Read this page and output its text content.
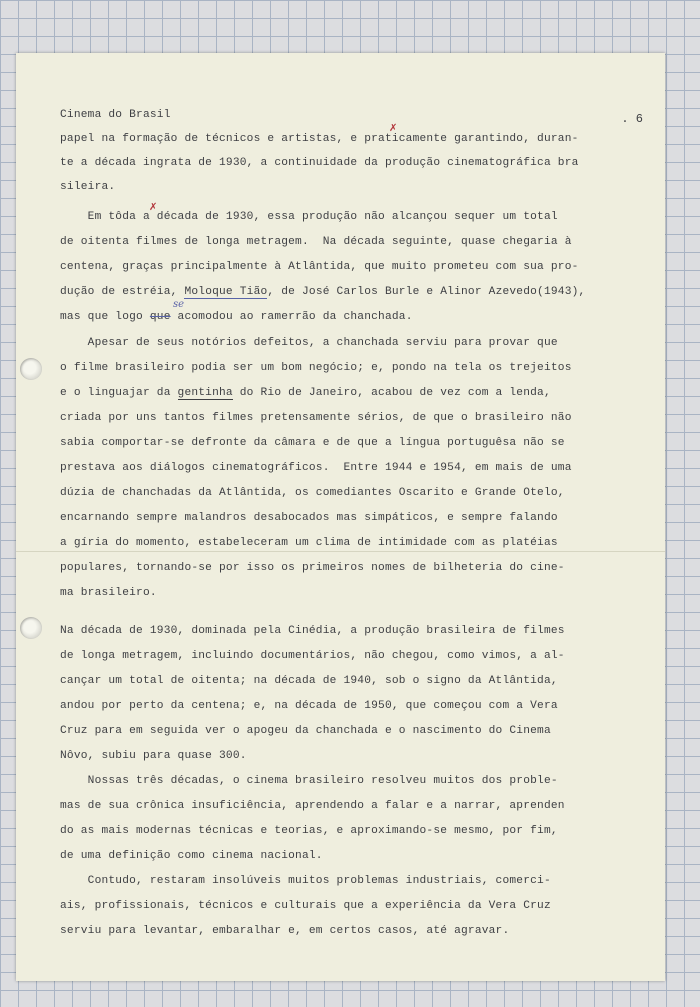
Cinema do Brasil	. 6
papel na formação de técnicos e artistas, e praticamente garantindo, duran-
te a década ingrata de 1930, a continuidade da produção cinematográfica bra
sileira.
Em tôda a década de 1930, essa produção não alcançou sequer um total
de oitenta filmes de longa metragem.  Na década seguinte, quase chegaria à
centena, graças principalmente à Atlântida, que muito prometeu com sua pro-
dução de estréia, Moloque Tião, de José Carlos Burle e Alinor Azevedo(1943),
mas que logo que acomodou ao ramerrão da chanchada.
se
Apesar de seus notórios defeitos, a chanchada serviu para provar que
o filme brasileiro podia ser um bom negócio; e, pondo na tela os trejeitos
e o linguajar da gentinha do Rio de Janeiro, acabou de vez com a lenda,
criada por uns tantos filmes pretensamente sérios, de que o brasileiro não
sabia comportar-se defronte da câmara e de que a língua portuguêsa não se
prestava aos diálogos cinematográficos.  Entre 1944 e 1954, em mais de uma
dúzia de chanchadas da Atlântida, os comediantes Oscarito e Grande Otelo,
encarnando sempre malandros desabocados mas simpáticos, e sempre falando
a gíria do momento, estabeleceram um clima de intimidade com as platéias
populares, tornando-se por isso os primeiros nomes de bilheteria do cine-
ma brasileiro.
Na década de 1930, dominada pela Cinédia, a produção brasileira de filmes
de longa metragem, incluindo documentários, não chegou, como vimos, a al-
cançar um total de oitenta; na década de 1940, sob o signo da Atlântida,
andou por perto da centena; e, na década de 1950, que começou com a Vera
Cruz para em seguida ver o apogeu da chanchada e o nascimento do Cinema
Nôvo, subiu para quase 300.
Nossas três décadas, o cinema brasileiro resolveu muitos dos proble-
mas de sua crônica insuficiência, aprendendo a falar e a narrar, aprenden
do as mais modernas técnicas e teorias, e aproximando-se mesmo, por fim,
de uma definição como cinema nacional.
Contudo, restaram insolúveis muitos problemas industriais, comerci-
ais, profissionais, técnicos e culturais que a experiência da Vera Cruz
serviu para levantar, embaralhar e, em certos casos, até agravar.
✗
✗
